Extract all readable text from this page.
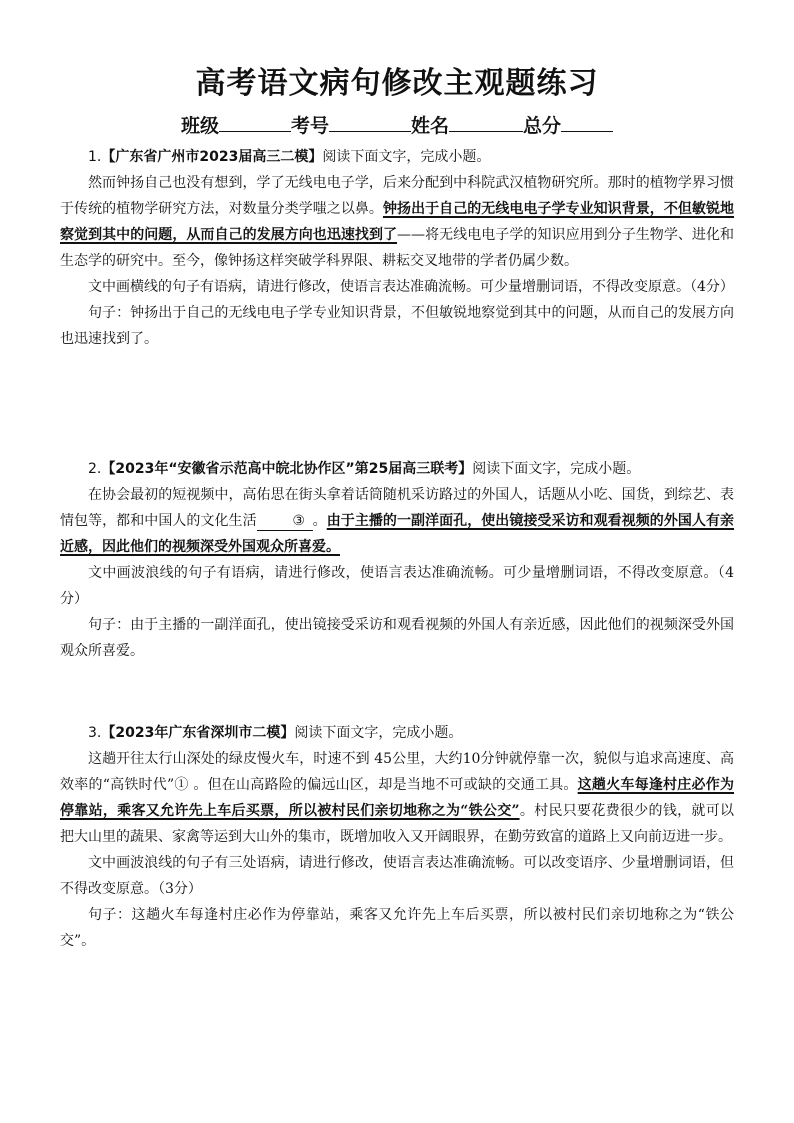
高考语文病句修改主观题练习
班级	考号	姓名	总分
1.【广东省广州市2023届高三二模】阅读下面文字，完成小题。
然而钟扬自己也没有想到，学了无线电电子学，后来分配到中科院武汉植物研究所。那时的植物学界习惯于传统的植物学研究方法，对数量分类学嗤之以鼻。钟扬出于自己的无线电电子学专业知识背景，不但敏锐地察觉到其中的问题，从而自己的发展方向也迅速找到了——将无线电电子学的知识应用到分子生物学、进化和生态学的研究中。至今，像钟扬这样突破学科界限、耕耘交叉地带的学者仍属少数。
文中画横线的句子有语病，请进行修改，使语言表达准确流畅。可少量增删词语，不得改变原意。（4分）
句子：钟扬出于自己的无线电电子学专业知识背景，不但敏锐地察觉到其中的问题，从而自己的发展方向也迅速找到了。
2.【2023年“安徽省示范高中皖北协作区”第25届高三联考】阅读下面文字，完成小题。
在协会最初的短视频中，高佑思在街头拿着话筒随机采访路过的外国人，话题从小吃、国货，到综艺、表情包等，都和中国人的文化生活	③ 。由于主播的一副洋面孔，使出镜接受采访和观看视频的外国人有亲近感，因此他们的视频深受外国观众所喜爱。
文中画波浪线的句子有语病，请进行修改，使语言表达准确流畅。可少量增删词语，不得改变原意。（4分）
句子：由于主播的一副洋面孔，使出镜接受采访和观看视频的外国人有亲近感，因此他们的视频深受外国观众所喜爱。
3.【2023年广东省深圳市二模】阅读下面文字，完成小题。
这趟开往太行山深处的绿皮慢火车，时速不到 45公里，大约10分钟就停靠一次，貌似与追求高速度、高效率的“高铁时代”① 。但在山高路险的偏远山区，却是当地不可或缺的交通工具。这趟火车每逢村庄必作为停靠站，乘客又允许先上车后买票，所以被村民们亲切地称之为“铁公交”。村民只要花费很少的钱，就可以把大山里的蔬果、家禽等运到大山外的集市，既增加收入又开阔眼界，在勤劳致富的道路上又向前迈进一步。
文中画波浪线的句子有三处语病，请进行修改，使语言表达准确流畅。可以改变语序、少量增删词语，但不得改变原意。（3分）
句子：这趟火车每逢村庄必作为停靠站，乘客又允许先上车后买票，所以被村民们亲切地称之为“铁公交”。
